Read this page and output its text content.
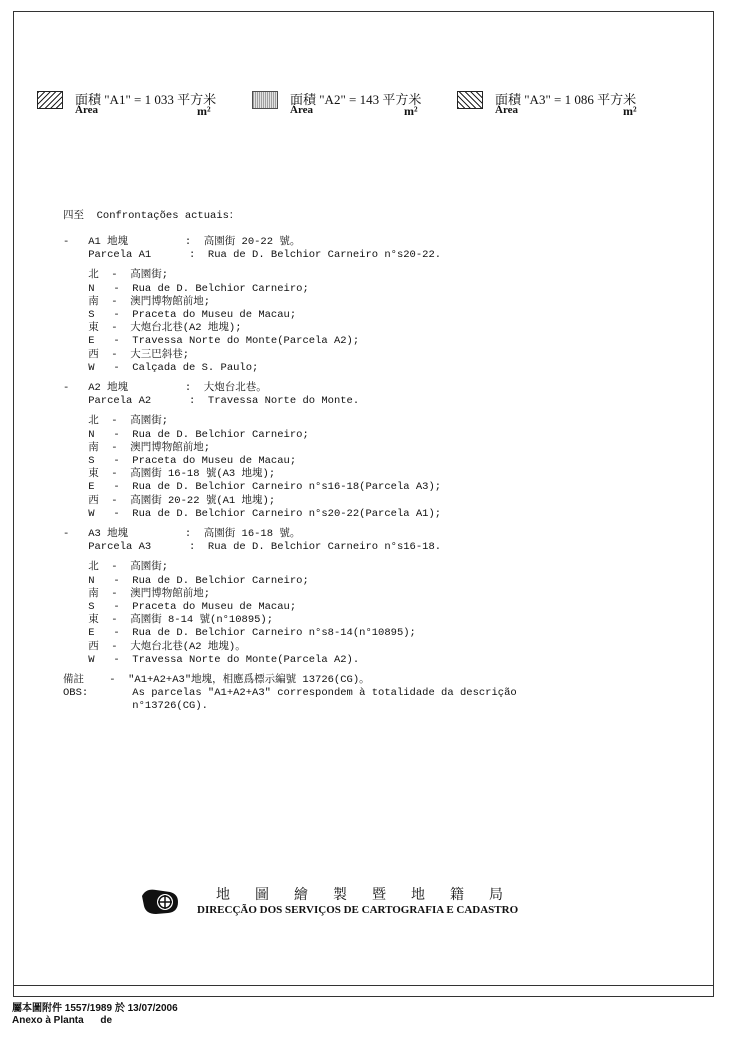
面積 "A1" = 1 033 平方米
Área	m²
面積 "A2" = 143 平方米
Área	m²
面積 "A3" = 1 086 平方米
Área	m²
四至  Confrontações actuais：
-   A1 地塊         :  高園街 20-22 號。
Parcela A1      :  Rua de D. Belchior Carneiro n°s20-22.
北  -  高園街;
N   -  Rua de D. Belchior Carneiro;
南  -  澳門博物館前地;
S   -  Praceta do Museu de Macau;
東  -  大炮台北巷(A2 地塊);
E   -  Travessa Norte do Monte(Parcela A2);
西  -  大三巴斜巷;
W   -  Calçada de S. Paulo;
-   A2 地塊         :  大炮台北巷。
Parcela A2      :  Travessa Norte do Monte.
北  -  高園街;
N   -  Rua de D. Belchior Carneiro;
南  -  澳門博物館前地;
S   -  Praceta do Museu de Macau;
東  -  高園街 16-18 號(A3 地塊);
E   -  Rua de D. Belchior Carneiro n°s16-18(Parcela A3);
西  -  高園街 20-22 號(A1 地塊);
W   -  Rua de D. Belchior Carneiro n°s20-22(Parcela A1);
-   A3 地塊         :  高園街 16-18 號。
Parcela A3      :  Rua de D. Belchior Carneiro n°s16-18.
北  -  高園街;
N   -  Rua de D. Belchior Carneiro;
南  -  澳門博物館前地;
S   -  Praceta do Museu de Macau;
東  -  高園街 8-14 號(n°10895);
E   -  Rua de D. Belchior Carneiro n°s8-14(n°10895);
西  -  大炮台北巷(A2 地塊)。
W   -  Travessa Norte do Monte(Parcela A2).
備註    -  "A1+A2+A3"地塊，相應爲標示編號 13726(CG)。
OBS:       As parcelas "A1+A2+A3" correspondem à totalidade da descrição
n°13726(CG).
地圖繪製暨地籍局
DIRECÇÃO DOS SERVIÇOS DE CARTOGRAFIA E CADASTRO
屬本圖附件 1557/1989 於 13/07/2006
Anexo à Planta      de
